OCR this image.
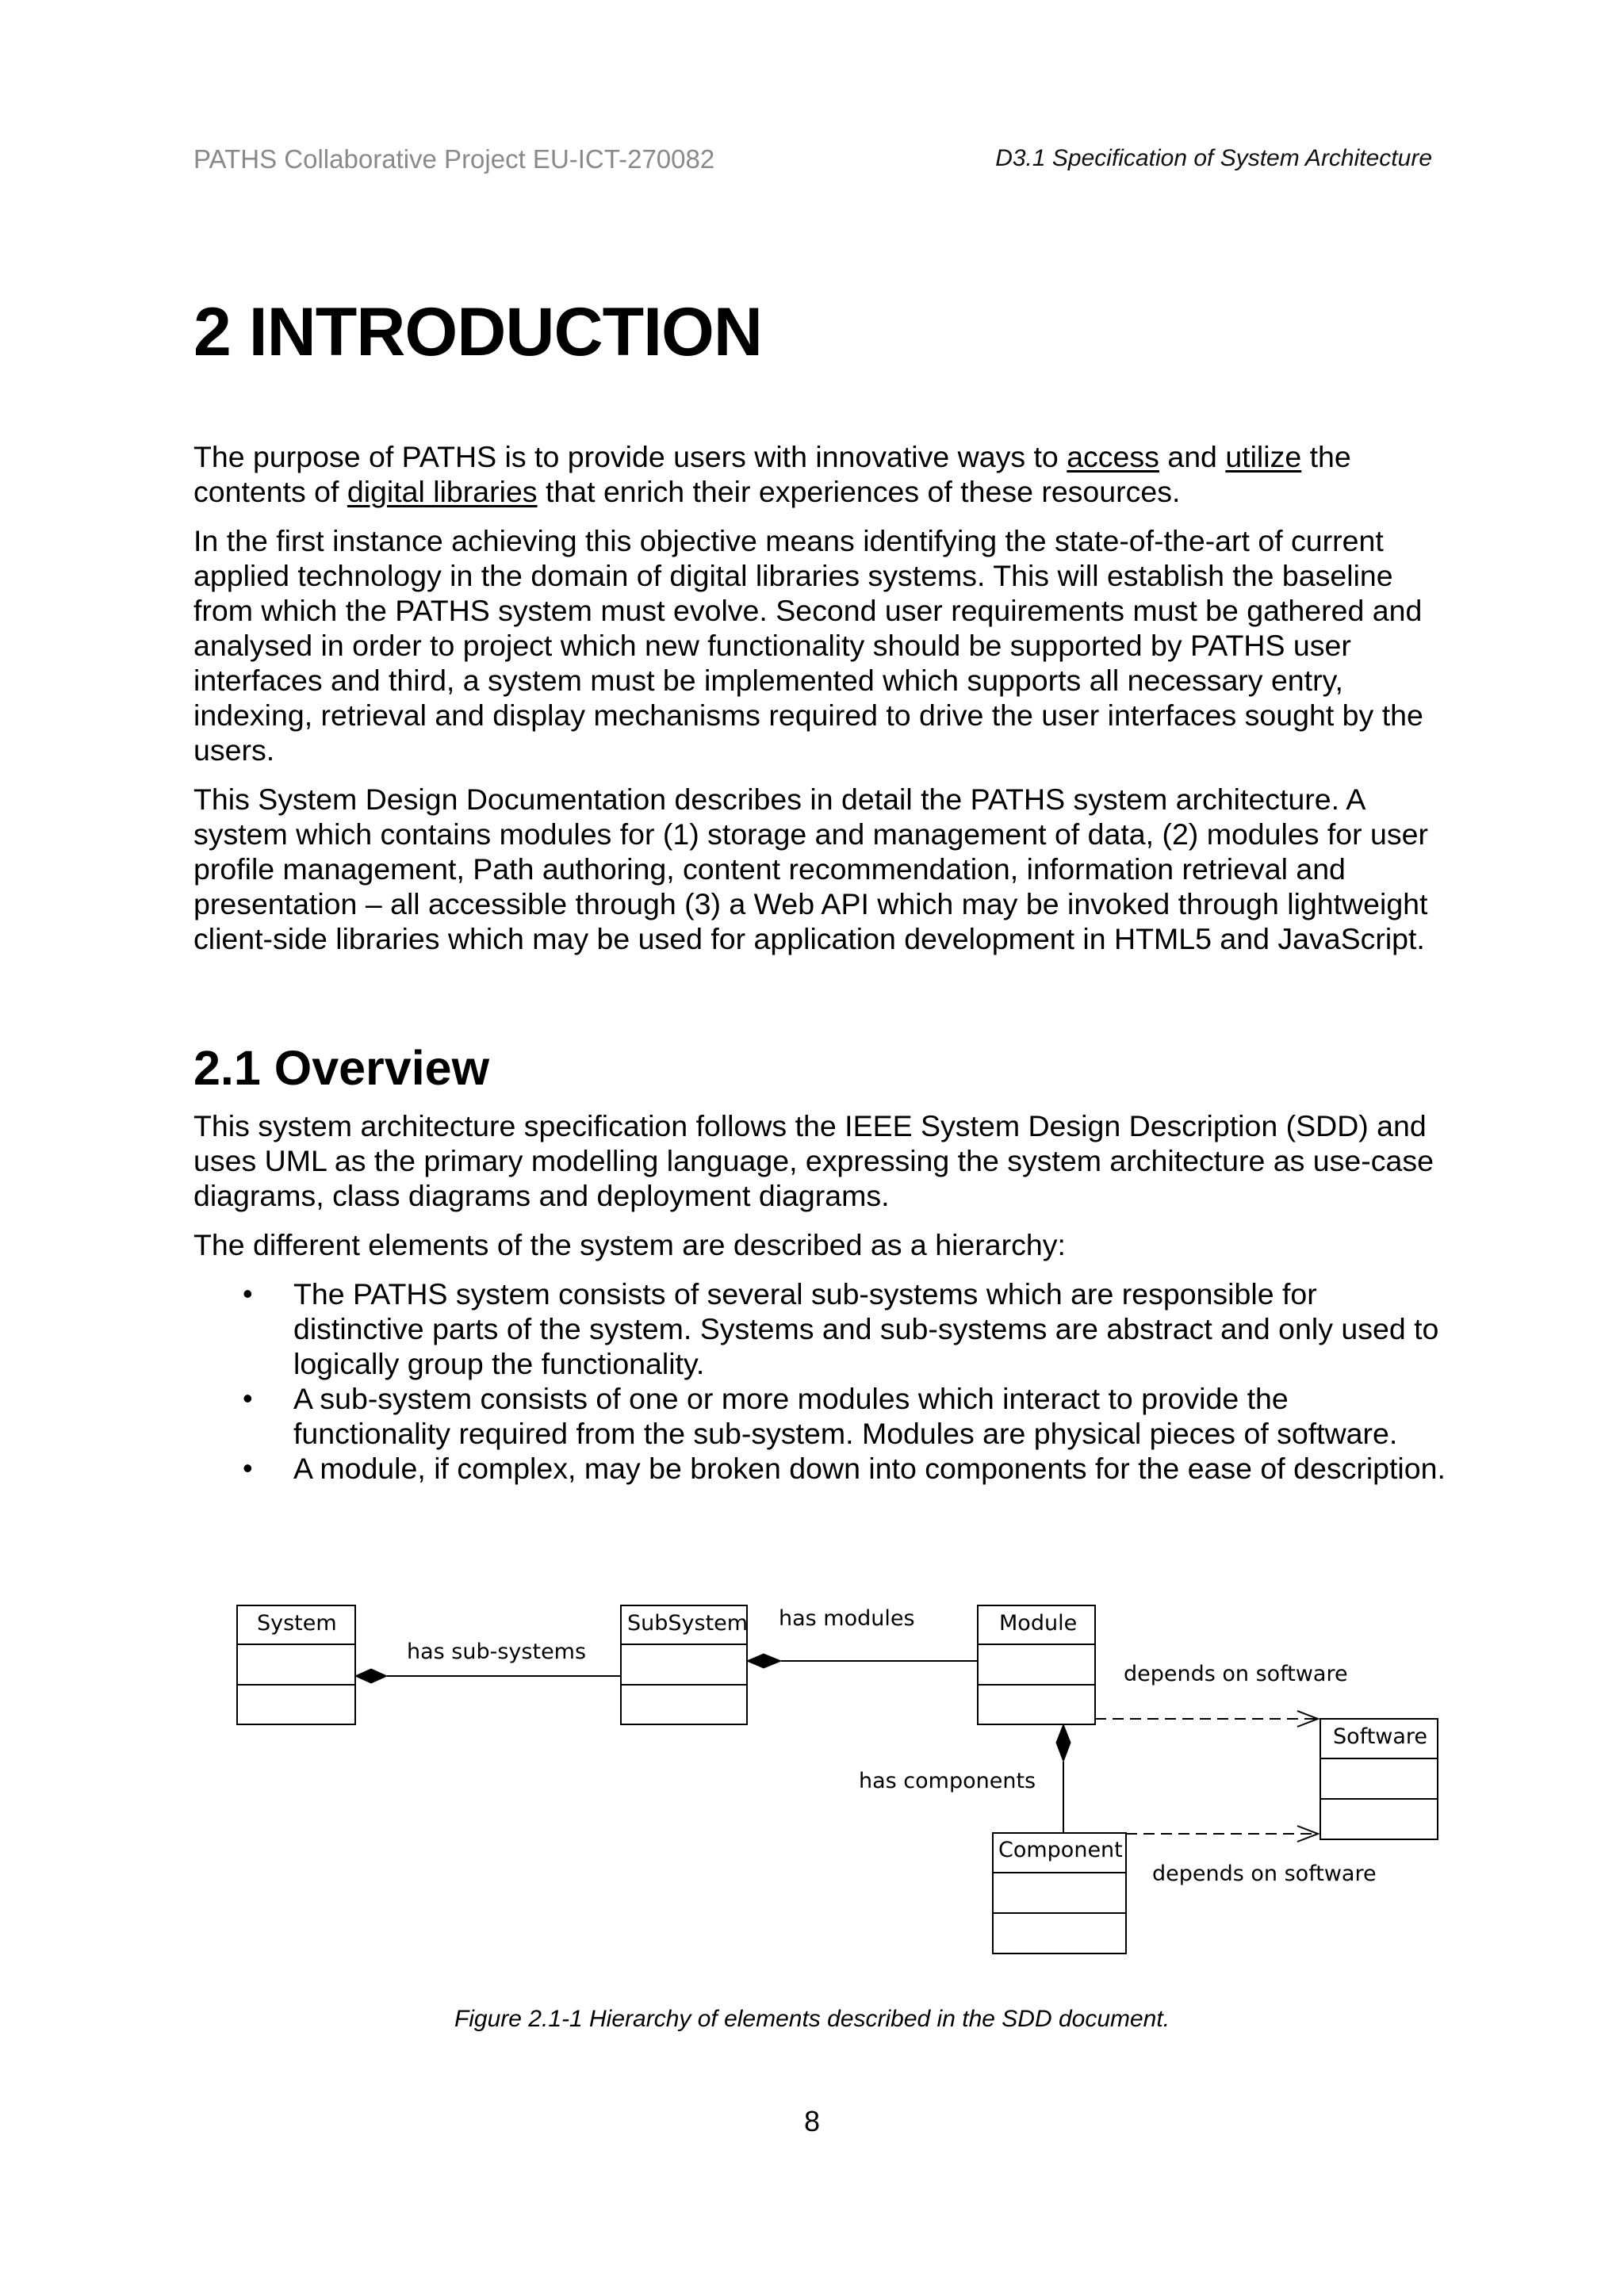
PATHS Collaborative Project EU-ICT-270082	D3.1 Specification of System Architecture
2 INTRODUCTION

The purpose of PATHS is to provide users with innovative ways to access and utilize the contents of digital libraries that enrich their experiences of these resources.

In the first instance achieving this objective means identifying the state-of-the-art of current applied technology in the domain of digital libraries systems. This will establish the baseline from which the PATHS system must evolve. Second user requirements must be gathered and analysed in order to project which new functionality should be supported by PATHS user interfaces and third, a system must be implemented which supports all necessary entry, indexing, retrieval and display mechanisms required to drive the user interfaces sought by the users.

This System Design Documentation describes in detail the PATHS system architecture. A system which contains modules for (1) storage and management of data, (2) modules for user profile management, Path authoring, content recommendation, information retrieval and presentation – all accessible through (3) a Web API which may be invoked through lightweight client-side libraries which may be used for application development in HTML5 and JavaScript.

2.1 Overview

This system architecture specification follows the IEEE System Design Description (SDD) and uses UML as the primary modelling language, expressing the system architecture as use-case diagrams, class diagrams and deployment diagrams.

The different elements of the system are described as a hierarchy:

• The PATHS system consists of several sub-systems which are responsible for distinctive parts of the system. Systems and sub-systems are abstract and only used to logically group the functionality.
• A sub-system consists of one or more modules which interact to provide the functionality required from the sub-system. Modules are physical pieces of software.
• A module, if complex, may be broken down into components for the ease of description.
System	SubSystem	Module
Software
Component
has sub-systems
has modules
depends on software
has components
depends on software
Figure 2.1-1 Hierarchy of elements described in the SDD document.
8
